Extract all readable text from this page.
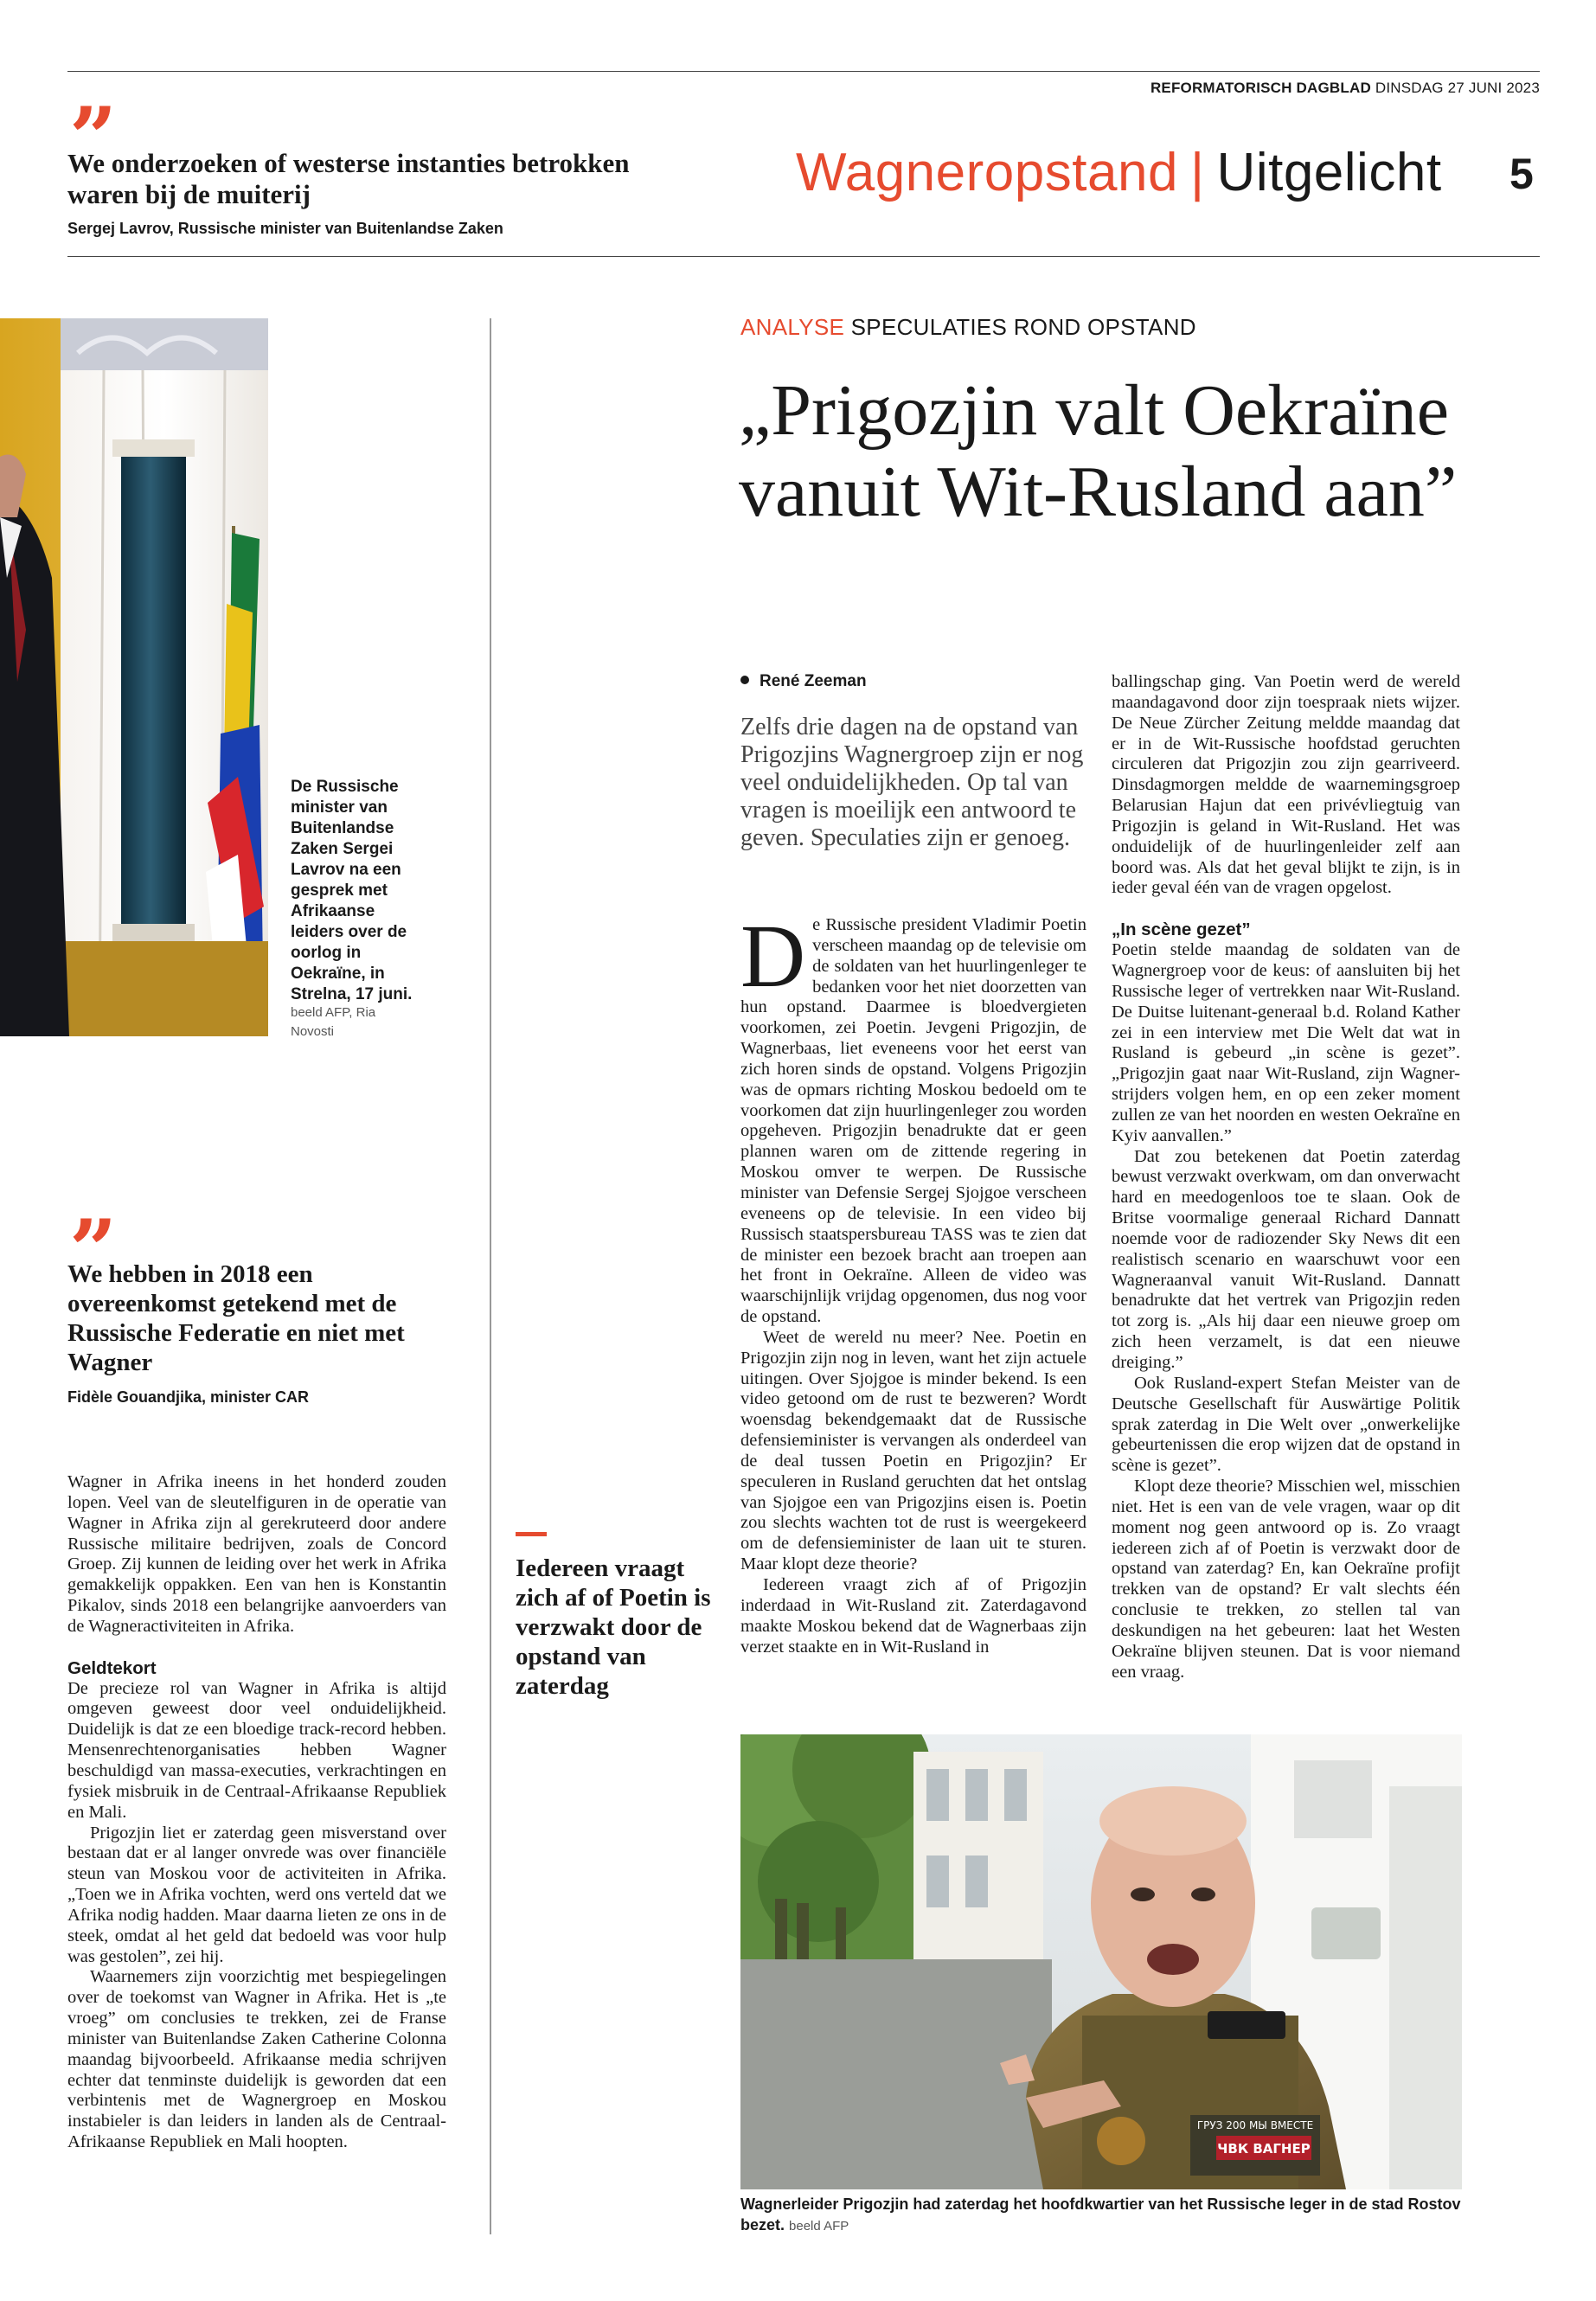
REFORMATORISCH DAGBLAD DINSDAG 27 JUNI 2023
We onderzoeken of westerse instanties betrokken waren bij de muiterij
Sergej Lavrov, Russische minister van Buitenlandse Zaken
Wagneropstand | Uitgelicht 5
De Russische minister van Buitenlandse Zaken Sergei Lavrov na een gesprek met Afrikaanse leiders over de oorlog in Oekraïne, in Strelna, 17 juni.
beeld AFP, Ria Novosti
We hebben in 2018 een overeenkomst getekend met de Russische Federatie en niet met Wagner
Fidèle Gouandjika, minister CAR

Wagner in Afrika ineens in het honderd zouden lopen. Veel van de sleutelfiguren in de operatie van Wagner in Afrika zijn al gerekruteerd door andere Russische militaire bedrijven, zoals de Concord Groep. Zij kunnen de leiding over het werk in Afrika gemakkelijk oppakken. Een van hen is Konstantin Pikalov, sinds 2018 een belangrijke aanvoerders van de Wagneractiviteiten in Afrika.

Geldtekort

De precieze rol van Wagner in Afrika is altijd omgeven geweest door veel onduidelijkheid. Duidelijk is dat ze een bloedige track-record hebben. Mensenrechtenorganisaties hebben Wagner beschuldigd van massa-executies, verkrachtingen en fysiek misbruik in de Centraal-Afrikaanse Republiek en Mali.

Prigozjin liet er zaterdag geen misverstand over bestaan dat er al langer onvrede was over financiële steun van Moskou voor de activiteiten in Afrika. „Toen we in Afrika vochten, werd ons verteld dat we Afrika nodig hadden. Maar daarna lieten ze ons in de steek, omdat al het geld dat bedoeld was voor hulp was gestolen”, zei hij.

Waarnemers zijn voorzichtig met bespiegelingen over de toekomst van Wagner in Afrika. Het is „te vroeg” om conclusies te trekken, zei de Franse minister van Buitenlandse Zaken Catherine Colonna maandag bijvoorbeeld. Afrikaanse media schrijven echter dat tenminste duidelijk is geworden dat een verbintenis met de Wagnergroep en Moskou instabieler is dan leiders in landen als de Centraal-Afrikaanse Republiek en Mali hoopten.

Iedereen vraagt zich af of Poetin is verzwakt door de opstand van zaterdag
ANALYSE SPECULATIES ROND OPSTAND
„Prigozjin valt Oekraïne vanuit Wit-Rusland aan”
René Zeeman
Zelfs drie dagen na de opstand van Prigozjins Wagnergroep zijn er nog veel onduidelijkheden. Op tal van vragen is moeilijk een antwoord te geven. Speculaties zijn er genoeg.

De Russische president Vladimir Poetin verscheen maandag op de televisie om de soldaten van het huurlingenleger te bedanken voor het niet doorzetten van hun opstand. Daarmee is bloedvergieten voorkomen, zei Poetin. Jevgeni Prigozjin, de Wagnerbaas, liet eveneens voor het eerst van zich horen sinds de opstand. Volgens Prigozjin was de opmars richting Moskou bedoeld om te voorkomen dat zijn huurlingenleger zou worden opgeheven. Prigozjin benadrukte dat er geen plannen waren om de zittende regering in Moskou omver te werpen. De Russische minister van Defensie Sergej Sjojgoe verscheen eveneens op de televisie. In een video bij Russisch staatspersbureau TASS was te zien dat de minister een bezoek bracht aan troepen aan het front in Oekraïne. Alleen de video was waarschijnlijk vrijdag opgenomen, dus nog voor de opstand.

Weet de wereld nu meer? Nee. Poetin en Prigozjin zijn nog in leven, want het zijn actuele uitingen. Over Sjojgoe is minder bekend. Is een video getoond om de rust te bezweren? Wordt woensdag bekendgemaakt dat de Russische defensieminister is vervangen als onderdeel van de deal tussen Poetin en Prigozjin? Er speculeren in Rusland geruchten dat het ontslag van Sjojgoe een van Prigozjins eisen is. Poetin zou slechts wachten tot de rust is weergekeerd om de defensieminister de laan uit te sturen. Maar klopt deze theorie?

Iedereen vraagt zich af of Prigozjin inderdaad in Wit-Rusland zit. Zaterdagavond maakte Moskou bekend dat de Wagnerbaas zijn verzet staakte en in Wit-Rusland in

ballingschap ging. Van Poetin werd de wereld maandagavond door zijn toespraak niets wijzer. De Neue Zürcher Zeitung meldde maandag dat er in de Wit-Russische hoofdstad geruchten circuleren dat Prigozjin zou zijn gearriveerd. Dinsdagmorgen meldde de waarnemingsgroep Belarusian Hajun dat een privévliegtuig van Prigozjin is geland in Wit-Rusland. Het was onduidelijk of de huurlingenleider zelf aan boord was. Als dat het geval blijkt te zijn, is in ieder geval één van de vragen opgelost.

„In scène gezet”

Poetin stelde maandag de soldaten van de Wagnergroep voor de keus: of aansluiten bij het Russische leger of vertrekken naar Wit-Rusland. De Duitse luitenant-generaal b.d. Roland Kather zei in een interview met Die Welt dat wat in Rusland is gebeurd „in scène is gezet”. „Prigozjin gaat naar Wit-Rusland, zijn Wagner-strijders volgen hem, en op een zeker moment zullen ze van het noorden en westen Oekraïne en Kyiv aanvallen.”

Dat zou betekenen dat Poetin zaterdag bewust verzwakt overkwam, om dan onverwacht hard en meedogenloos toe te slaan. Ook de Britse voormalige generaal Richard Dannatt noemde voor de radiozender Sky News dit een realistisch scenario en waarschuwt voor een Wagneraanval vanuit Wit-Rusland. Dannatt benadrukte dat het vertrek van Prigozjin reden tot zorg is. „Als hij daar een nieuwe groep om zich heen verzamelt, is dat een nieuwe dreiging.”

Ook Rusland-expert Stefan Meister van de Deutsche Gesellschaft für Auswärtige Politik sprak zaterdag in Die Welt over „onwerkelijke gebeurtenissen die erop wijzen dat de opstand in scène is gezet”.

Klopt deze theorie? Misschien wel, misschien niet. Het is een van de vele vragen, waar op dit moment nog geen antwoord op is. Zo vraagt iedereen zich af of Poetin is verzwakt door de opstand van zaterdag? En, kan Oekraïne profijt trekken van de opstand? Er valt slechts één conclusie te trekken, zo stellen tal van deskundigen na het gebeuren: laat het Westen Oekraïne blijven steunen. Dat is voor niemand een vraag.

ГРУЗ 200 МЫ ВМЕСТЕ
ЧВК ВАГНЕР
Wagnerleider Prigozjin had zaterdag het hoofdkwartier van het Russische leger in de stad Rostov bezet. beeld AFP
